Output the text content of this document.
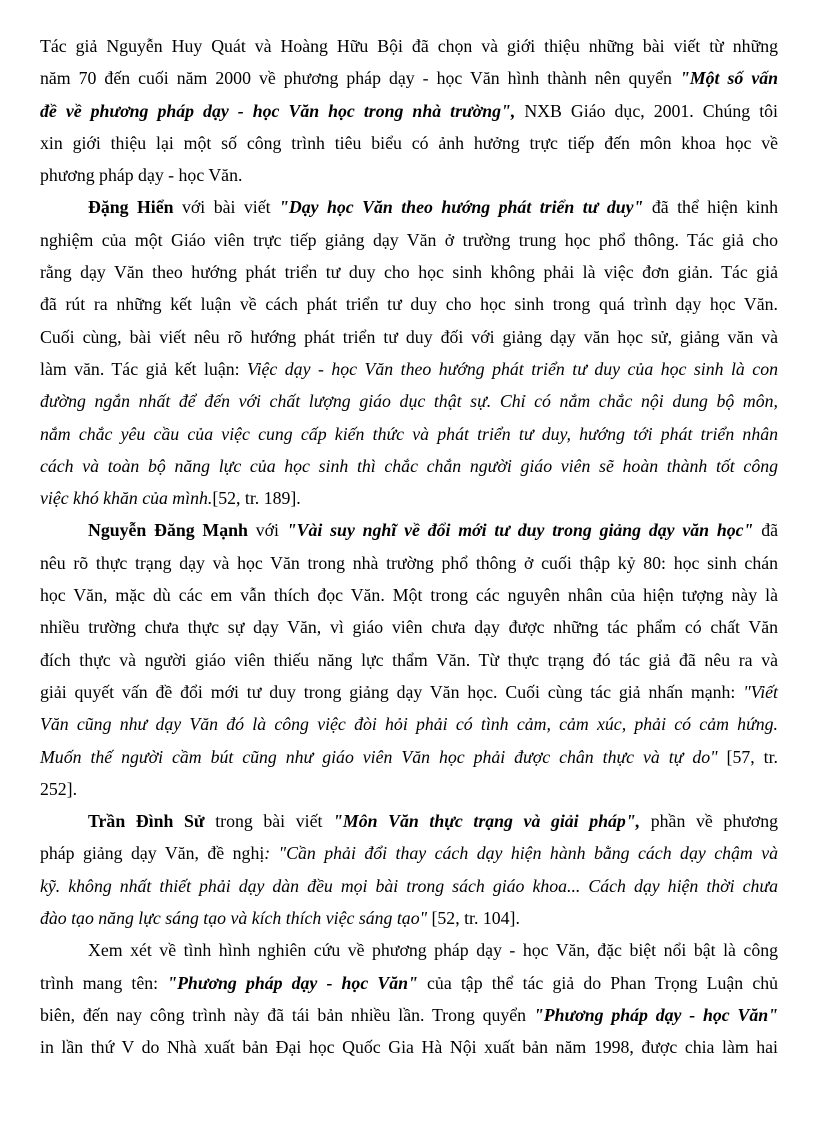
Tác giả Nguyễn Huy Quát và Hoàng Hữu Bội đã chọn và giới thiệu những bài viết từ những
năm 70 đến cuối năm 2000 về phương pháp dạy - học Văn hình thành nên quyển "Một số vấn
đề về phương pháp dạy - học Văn học trong nhà trường", NXB Giáo dục, 2001. Chúng tôi
xin giới thiệu lại một số công trình tiêu biểu có ảnh hưởng trực tiếp đến môn khoa học về
phương pháp dạy - học Văn.
Đặng Hiển với bài viết "Dạy học Văn theo hướng phát triển tư duy" đã thể hiện kinh
nghiệm của một Giáo viên trực tiếp giảng dạy Văn ở trường trung học phổ thông. Tác giả cho
rằng dạy Văn theo hướng phát triển tư duy cho học sinh không phải là việc đơn giản. Tác giả
đã rút ra những kết luận về cách phát triển tư duy cho học sinh trong quá trình dạy học Văn.
Cuối cùng, bài viết nêu rõ hướng phát triển tư duy đối với giảng dạy văn học sử, giảng văn và
làm văn. Tác giả kết luận: Việc dạy - học Văn theo hướng phát triển tư duy của học sinh là con
đường ngắn nhất để đến với chất lượng giáo dục thật sự. Chỉ có nắm chắc nội dung bộ môn,
nắm chắc yêu cầu của việc cung cấp kiến thức và phát triển tư duy, hướng tới phát triển nhân
cách và toàn bộ năng lực của học sinh thì chắc chắn người giáo viên sẽ hoàn thành tốt công
việc khó khăn của mình.[52, tr. 189].
Nguyễn Đăng Mạnh với "Vài suy nghĩ về đổi mới tư duy trong giảng dạy văn học" đã
nêu rõ thực trạng dạy và học Văn trong nhà trường phổ thông ở cuối thập kỷ 80: học sinh chán
học Văn, mặc dù các em vẫn thích đọc Văn. Một trong các nguyên nhân của hiện tượng này là
nhiều trường chưa thực sự dạy Văn, vì giáo viên chưa dạy được những tác phẩm có chất Văn
đích thực và người giáo viên thiếu năng lực thẩm Văn. Từ thực trạng đó tác giả đã nêu ra và
giải quyết vấn đề đổi mới tư duy trong giảng dạy Văn học. Cuối cùng tác giả nhấn mạnh: "Viết
Văn cũng như dạy Văn đó là công việc đòi hỏi phải có tình cảm, cảm xúc, phải có cảm hứng.
Muốn thế người cầm bút cũng như giáo viên Văn học phải được chân thực và tự do" [57, tr.
252].
Trần Đình Sử trong bài viết "Môn Văn thực trạng và giải pháp", phần về phương
pháp giảng dạy Văn, đề nghị: "Cần phải đổi thay cách dạy hiện hành bằng cách dạy chậm và
kỹ. không nhất thiết phải dạy dàn đều mọi bài trong sách giáo khoa... Cách dạy hiện thời chưa
đào tạo năng lực sáng tạo và kích thích việc sáng tạo" [52, tr. 104].
Xem xét về tình hình nghiên cứu về phương pháp dạy - học Văn, đặc biệt nổi bật là công
trình mang tên: "Phương pháp dạy - học Văn" của tập thể tác giả do Phan Trọng Luận chủ
biên, đến nay công trình này đã tái bản nhiều lần. Trong quyển "Phương pháp dạy - học Văn"
in lần thứ V do Nhà xuất bản Đại học Quốc Gia Hà Nội xuất bản năm 1998, được chia làm hai
